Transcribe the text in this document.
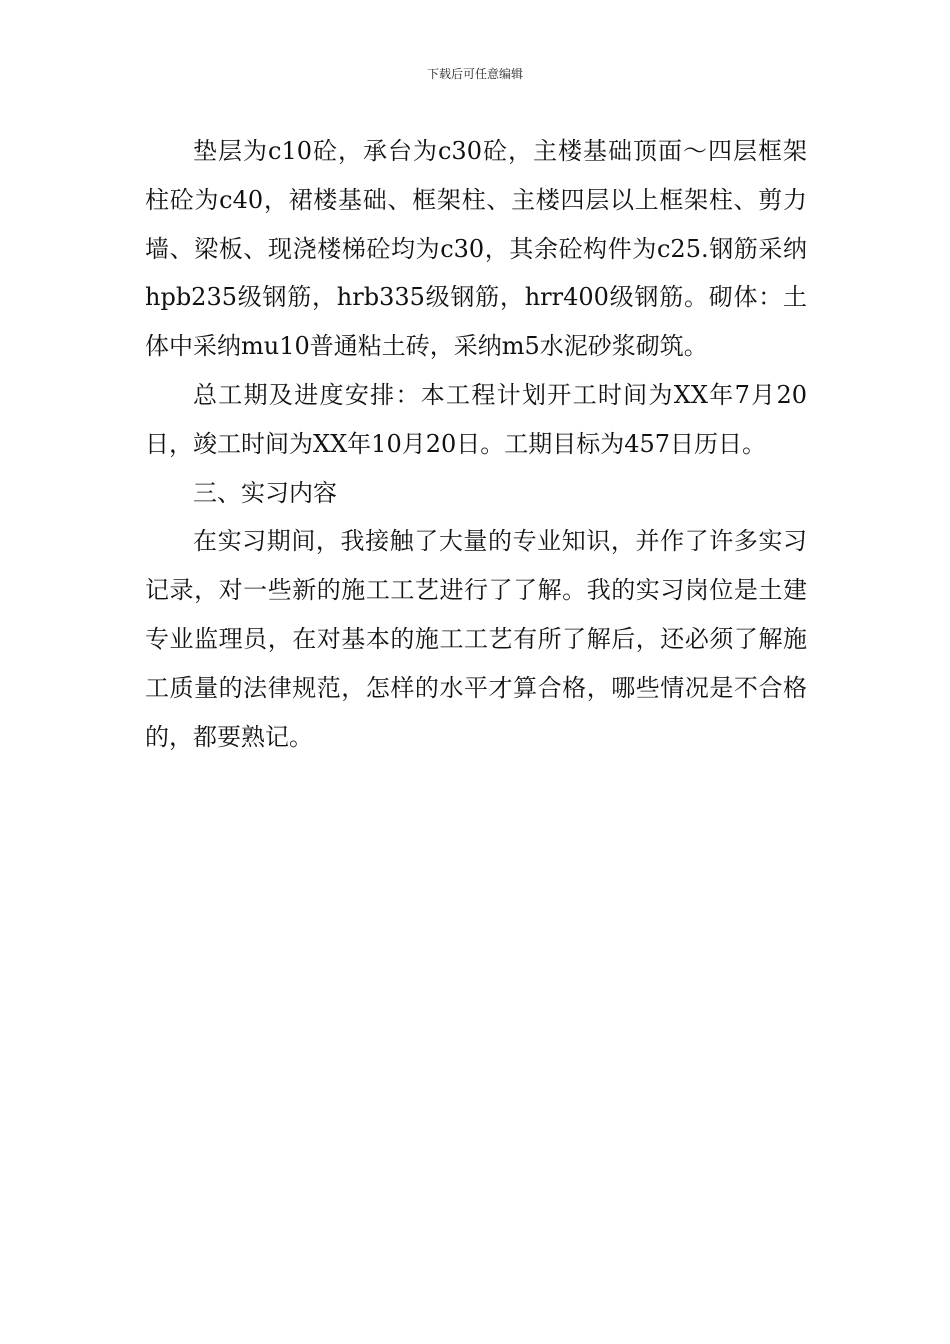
下载后可任意编辑

垫层为c10砼，承台为c30砼，主楼基础顶面～四层框架柱砼为c40，裙楼基础、框架柱、主楼四层以上框架柱、剪力墙、梁板、现浇楼梯砼均为c30，其余砼构件为c25.钢筋采纳hpb235级钢筋，hrb335级钢筋，hrr400级钢筋。砌体：土体中采纳mu10普通粘土砖，采纳m5水泥砂浆砌筑。

总工期及进度安排：本工程计划开工时间为XX年7月20日，竣工时间为XX年10月20日。工期目标为457日历日。

三、实习内容

在实习期间，我接触了大量的专业知识，并作了许多实习记录，对一些新的施工工艺进行了了解。我的实习岗位是土建专业监理员，在对基本的施工工艺有所了解后，还必须了解施工质量的法律规范，怎样的水平才算合格，哪些情况是不合格的，都要熟记。
